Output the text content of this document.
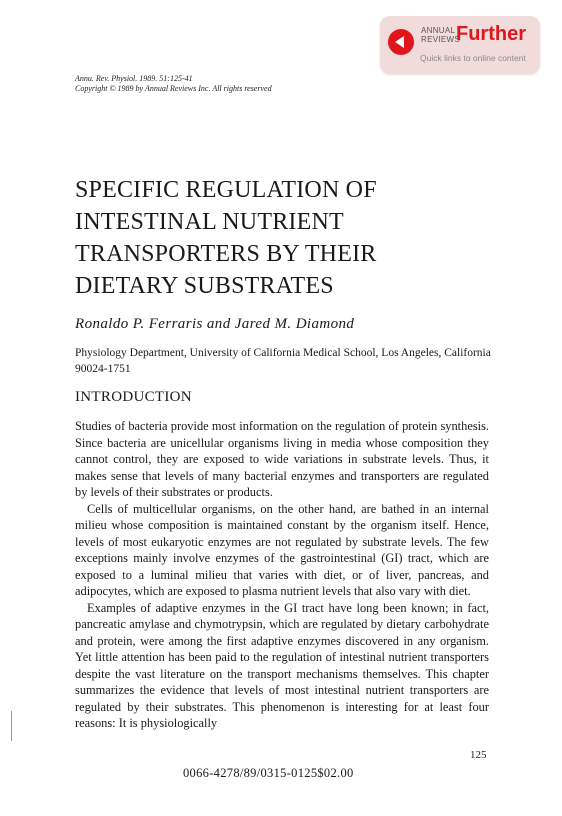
ANNUAL
REVIEWS
Further
Quick links to online content
Annu. Rev. Physiol. 1989. 51:125-41
Copyright © 1989 by Annual Reviews Inc. All rights reserved
SPECIFIC REGULATION OF
INTESTINAL NUTRIENT
TRANSPORTERS BY THEIR
DIETARY SUBSTRATES
Ronaldo P. Ferraris and Jared M. Diamond
Physiology Department, University of California Medical School, Los Angeles, California 90024-1751
INTRODUCTION

Studies of bacteria provide most information on the regulation of protein synthesis. Since bacteria are unicellular organisms living in media whose composition they cannot control, they are exposed to wide variations in substrate levels. Thus, it makes sense that levels of many bacterial enzymes and transporters are regulated by levels of their substrates or products.

Cells of multicellular organisms, on the other hand, are bathed in an internal milieu whose composition is maintained constant by the organism itself. Hence, levels of most eukaryotic enzymes are not regulated by substrate levels. The few exceptions mainly involve enzymes of the gastrointestinal (GI) tract, which are exposed to a luminal milieu that varies with diet, or of liver, pancreas, and adipocytes, which are exposed to plasma nutrient levels that also vary with diet.

Examples of adaptive enzymes in the GI tract have long been known; in fact, pancreatic amylase and chymotrypsin, which are regulated by dietary carbohydrate and protein, were among the first adaptive enzymes discovered in any organism. Yet little attention has been paid to the regulation of intestinal nutrient transporters despite the vast literature on the transport mechanisms themselves. This chapter summarizes the evidence that levels of most intestinal nutrient transporters are regulated by their substrates. This phenomenon is interesting for at least four reasons: It is physiologically

125
0066-4278/89/0315-0125$02.00
